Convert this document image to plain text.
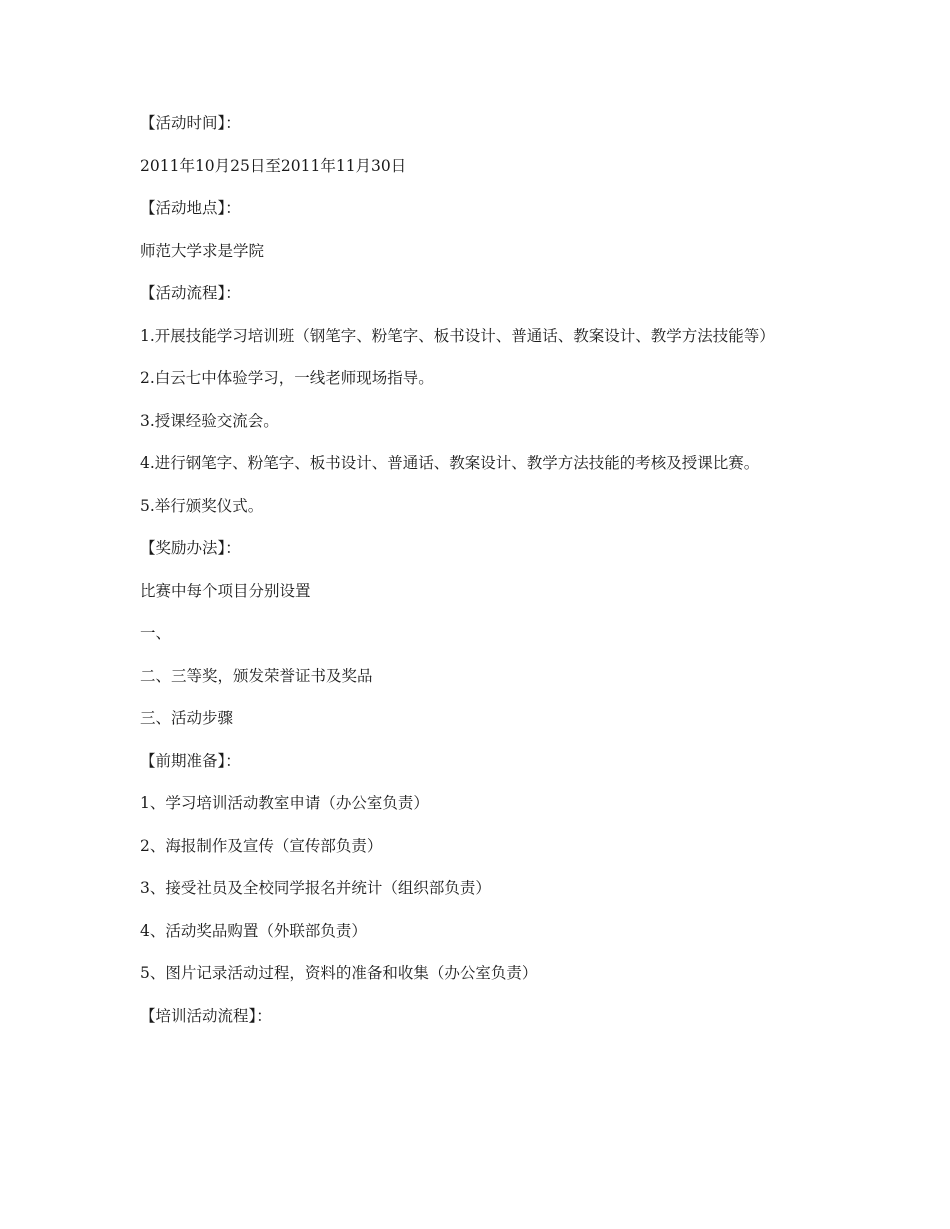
【活动时间】：

2011年10月25日至2011年11月30日

【活动地点】：

师范大学求是学院

【活动流程】：

1.开展技能学习培训班（钢笔字、粉笔字、板书设计、普通话、教案设计、教学方法技能等）

2.白云七中体验学习，一线老师现场指导。

3.授课经验交流会。

4.进行钢笔字、粉笔字、板书设计、普通话、教案设计、教学方法技能的考核及授课比赛。

5.举行颁奖仪式。

【奖励办法】：

比赛中每个项目分别设置

一、

二、三等奖，颁发荣誉证书及奖品

三、活动步骤

【前期准备】：

1、学习培训活动教室申请（办公室负责）

2、海报制作及宣传（宣传部负责）

3、接受社员及全校同学报名并统计（组织部负责）

4、活动奖品购置（外联部负责）

5、图片记录活动过程，资料的准备和收集（办公室负责）

【培训活动流程】：
